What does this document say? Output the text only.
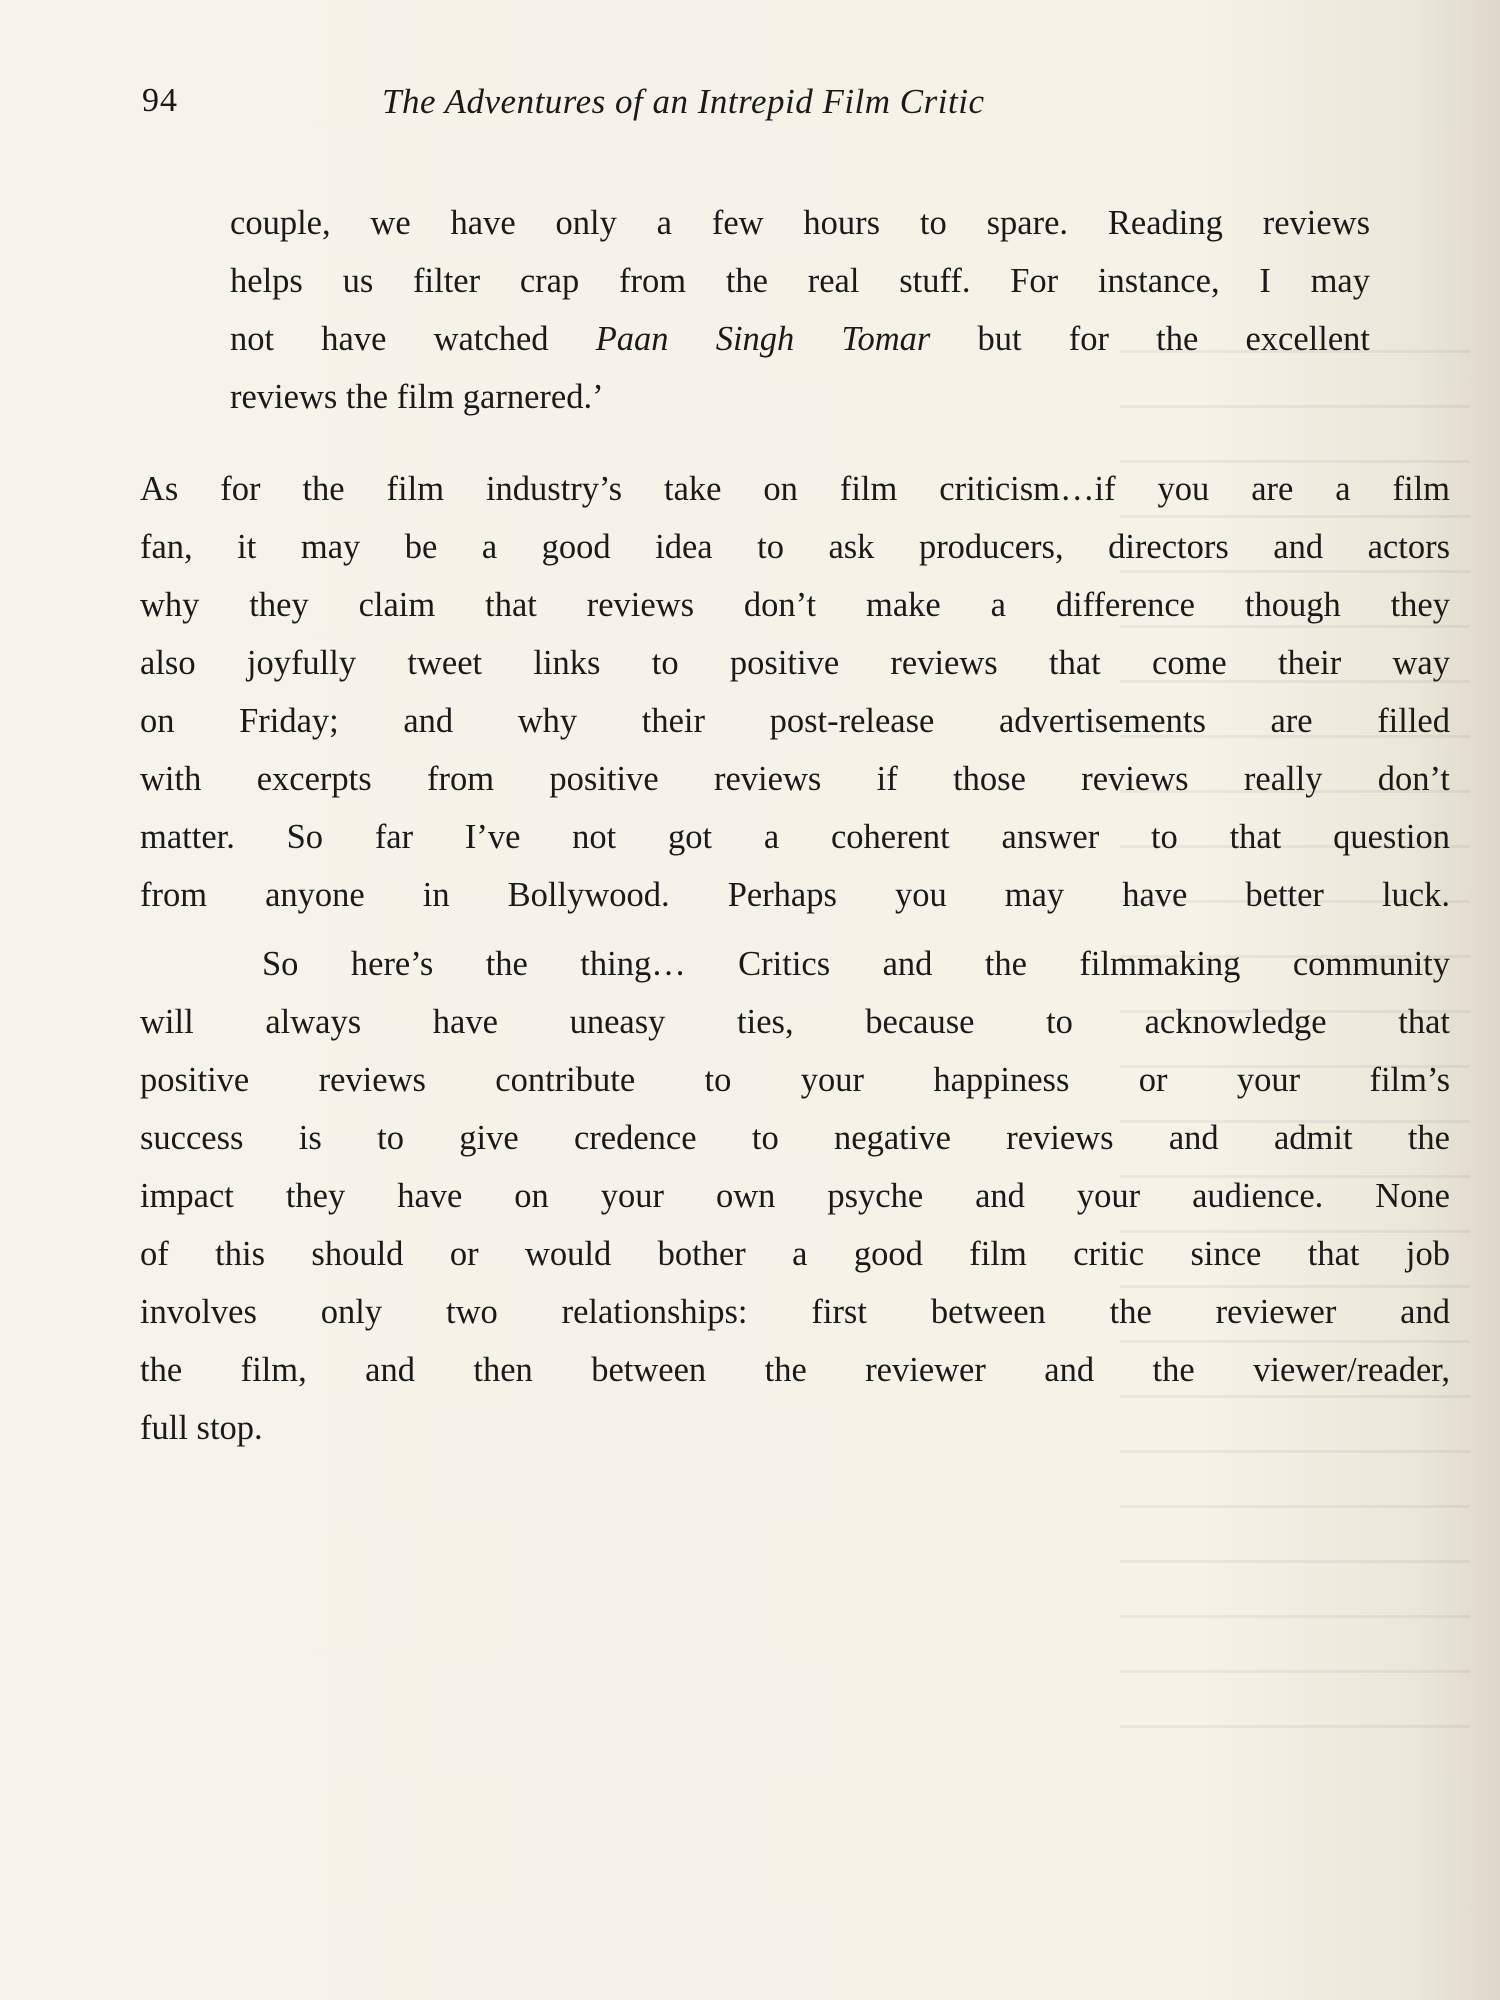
94	The Adventures of an Intrepid Film Critic
couple, we have only a few hours to spare. Reading reviews
helps us filter crap from the real stuff. For instance, I may
not have watched Paan Singh Tomar but for the excellent
reviews the film garnered.’
As for the film industry’s take on film criticism…if you are a film
fan, it may be a good idea to ask producers, directors and actors
why they claim that reviews don’t make a difference though they
also joyfully tweet links to positive reviews that come their way
on Friday; and why their post-release advertisements are filled
with excerpts from positive reviews if those reviews really don’t
matter. So far I’ve not got a coherent answer to that question
from anyone in Bollywood. Perhaps you may have better luck.
So here’s the thing… Critics and the filmmaking community
will always have uneasy ties, because to acknowledge that
positive reviews contribute to your happiness or your film’s
success is to give credence to negative reviews and admit the
impact they have on your own psyche and your audience. None
of this should or would bother a good film critic since that job
involves only two relationships: first between the reviewer and
the film, and then between the reviewer and the viewer/reader,
full stop.
